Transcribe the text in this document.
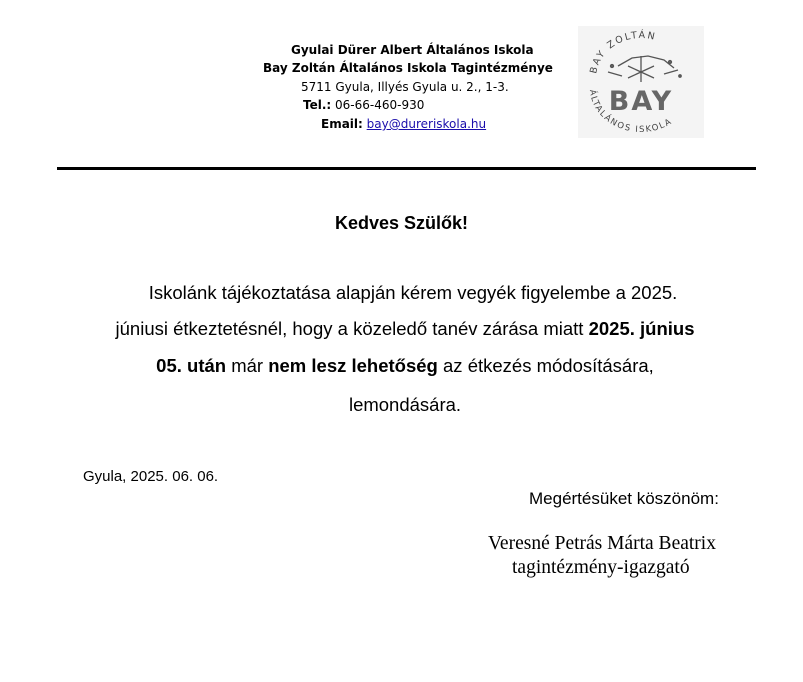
Gyulai Dürer Albert Általános Iskola
Bay Zoltán Általános Iskola Tagintézménye
5711 Gyula, Illyés Gyula u. 2., 1-3.
Tel.: 06-66-460-930
Email: bay@dureriskola.hu
BAY ZOLTÁN
ÁLTALÁNOS ISKOLA
BAY
Kedves Szülők!
Iskolánk tájékoztatása alapján kérem vegyék figyelembe a 2025.
júniusi étkeztetésnél, hogy a közeledő tanév zárása miatt 2025. június
05. után már nem lesz lehetőség az étkezés módosítására,
lemondására.
Gyula, 2025. 06. 06.
Megértésüket köszönöm:
Veresné Petrás Márta Beatrix
tagintézmény-igazgató
